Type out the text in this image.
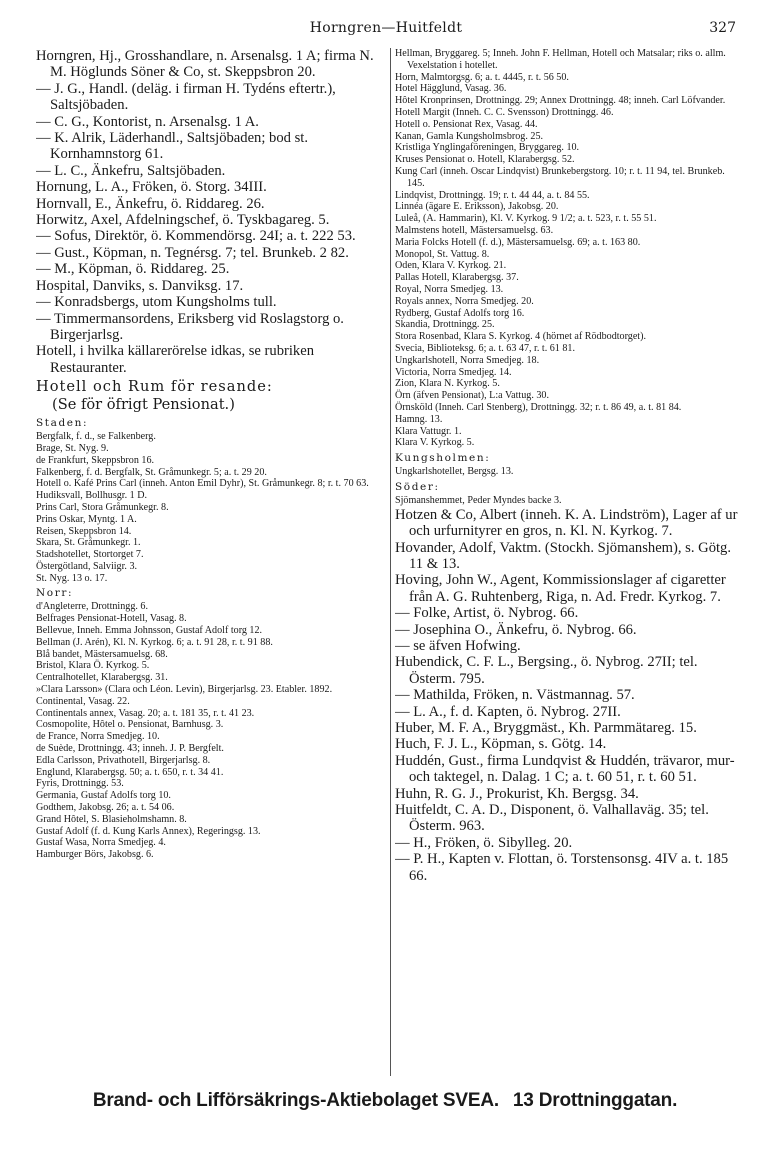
Horngren—Huitfeldt	327

Horngren, Hj., Grosshandlare, n. Arsenalsg. 1 A; firma N. M. Höglunds Söner & Co, st. Skeppsbron 20.

— J. G., Handl. (deläg. i firman H. Tydéns eftertr.), Saltsjöbaden.

— C. G., Kontorist, n. Arsenalsg. 1 A.

— K. Alrik, Läderhandl., Saltsjöbaden; bod st. Kornhamnstorg 61.

— L. C., Änkefru, Saltsjöbaden.

Hornung, L. A., Fröken, ö. Storg. 34III.

Hornvall, E., Änkefru, ö. Riddareg. 26.

Horwitz, Axel, Afdelningschef, ö. Tyskbagareg. 5.

— Sofus, Direktör, ö. Kommendörsg. 24I; a. t. 222 53.

— Gust., Köpman, n. Tegnérsg. 7; tel. Brunkeb. 2 82.

— M., Köpman, ö. Riddareg. 25.

Hospital, Danviks, s. Danviksg. 17.

— Konradsbergs, utom Kungsholms tull.

— Timmermansordens, Eriksberg vid Roslagstorg o. Birgerjarlsg.

Hotell, i hvilka källarerörelse idkas, se rubriken Restauranter.

Hotell och Rum för resande:

(Se för öfrigt Pensionat.)

Staden:

Bergfalk, f. d., se Falkenberg.

Brage, St. Nyg. 9.

de Frankfurt, Skeppsbron 16.

Falkenberg, f. d. Bergfalk, St. Gråmunkegr. 5; a. t. 29 20.

Hotell o. Kafé Prins Carl (inneh. Anton Emil Dyhr), St. Gråmunkegr. 8; r. t. 70 63.

Hudiksvall, Bollhusgr. 1 D.

Prins Carl, Stora Gråmunkegr. 8.

Prins Oskar, Myntg. 1 A.

Reisen, Skeppsbron 14.

Skara, St. Gråmunkegr. 1.

Stadshotellet, Stortorget 7.

Östergötland, Salviigr. 3.

St. Nyg. 13 o. 17.

Norr:

d'Angleterre, Drottningg. 6.

Belfrages Pensionat-Hotell, Vasag. 8.

Bellevue, Inneh. Emma Johnsson, Gustaf Adolf torg 12.

Bellman (J. Arén), Kl. N. Kyrkog. 6; a. t. 91 28, r. t. 91 88.

Blå bandet, Mästersamuelsg. 68.

Bristol, Klara Ö. Kyrkog. 5.

Centralhotellet, Klarabergsg. 31.

»Clara Larsson» (Clara och Léon. Levin), Birgerjarlsg. 23. Etabler. 1892.

Continental, Vasag. 22.

Continentals annex, Vasag. 20; a. t. 181 35, r. t. 41 23.

Cosmopolite, Hôtel o. Pensionat, Barnhusg. 3.

de France, Norra Smedjeg. 10.

de Suède, Drottningg. 43; inneh. J. P. Bergfelt.

Edla Carlsson, Privathotell, Birgerjarlsg. 8.

Englund, Klarabergsg. 50; a. t. 650, r. t. 34 41.

Fyris, Drottningg. 53.

Germania, Gustaf Adolfs torg 10.

Godthem, Jakobsg. 26; a. t. 54 06.

Grand Hôtel, S. Blasieholmshamn. 8.

Gustaf Adolf (f. d. Kung Karls Annex), Regeringsg. 13.

Gustaf Wasa, Norra Smedjeg. 4.

Hamburger Börs, Jakobsg. 6.

Hellman, Bryggareg. 5; Inneh. John F. Hellman, Hotell och Matsalar; riks o. allm. Vexelstation i hotellet.

Horn, Malmtorgsg. 6; a. t. 4445, r. t. 56 50.

Hotel Hägglund, Vasag. 36.

Hôtel Kronprinsen, Drottningg. 29; Annex Drottningg. 48; inneh. Carl Löfvander.

Hotell Margit (Inneh. C. C. Svensson) Drottningg. 46.

Hotell o. Pensionat Rex, Vasag. 44.

Kanan, Gamla Kungsholmsbrog. 25.

Kristliga Ynglingaföreningen, Bryggareg. 10.

Kruses Pensionat o. Hotell, Klarabergsg. 52.

Kung Carl (inneh. Oscar Lindqvist) Brunkebergstorg. 10; r. t. 11 94, tel. Brunkeb. 145.

Lindqvist, Drottningg. 19; r. t. 44 44, a. t. 84 55.

Linnéa (ägare E. Eriksson), Jakobsg. 20.

Luleå, (A. Hammarin), Kl. V. Kyrkog. 9 1/2; a. t. 523, r. t. 55 51.

Malmstens hotell, Mästersamuelsg. 63.

Maria Folcks Hotell (f. d.), Mästersamuelsg. 69; a. t. 163 80.

Monopol, St. Vattug. 8.

Oden, Klara V. Kyrkog. 21.

Pallas Hotell, Klarabergsg. 37.

Royal, Norra Smedjeg. 13.

Royals annex, Norra Smedjeg. 20.

Rydberg, Gustaf Adolfs torg 16.

Skandia, Drottningg. 25.

Stora Rosenbad, Klara S. Kyrkog. 4 (hörnet af Rödbodtorget).

Svecia, Biblioteksg. 6; a. t. 63 47, r. t. 61 81.

Ungkarlshotell, Norra Smedjeg. 18.

Victoria, Norra Smedjeg. 14.

Zion, Klara N. Kyrkog. 5.

Örn (äfven Pensionat), L:a Vattug. 30.

Örnsköld (Inneh. Carl Stenberg), Drottningg. 32; r. t. 86 49, a. t. 81 84.

Hamng. 13.

Klara Vattugr. 1.

Klara V. Kyrkog. 5.

Kungsholmen:

Ungkarlshotellet, Bergsg. 13.

Söder:

Sjömanshemmet, Peder Myndes backe 3.

Hotzen & Co, Albert (inneh. K. A. Lindström), Lager af ur och urfurnityrer en gros, n. Kl. N. Kyrkog. 7.

Hovander, Adolf, Vaktm. (Stockh. Sjömanshem), s. Götg. 11 & 13.

Hoving, John W., Agent, Kommissionslager af cigaretter från A. G. Ruhtenberg, Riga, n. Ad. Fredr. Kyrkog. 7.

— Folke, Artist, ö. Nybrog. 66.

— Josephina O., Änkefru, ö. Nybrog. 66.

— se äfven Hofwing.

Hubendick, C. F. L., Bergsing., ö. Nybrog. 27II; tel. Österm. 795.

— Mathilda, Fröken, n. Västmannag. 57.

— L. A., f. d. Kapten, ö. Nybrog. 27II.

Huber, M. F. A., Bryggmäst., Kh. Parmmätareg. 15.

Huch, F. J. L., Köpman, s. Götg. 14.

Huddén, Gust., firma Lundqvist & Huddén, trävaror, mur- och taktegel, n. Dalag. 1 C; a. t. 60 51, r. t. 60 51.

Huhn, R. G. J., Prokurist, Kh. Bergsg. 34.

Huitfeldt, C. A. D., Disponent, ö. Valhallaväg. 35; tel. Österm. 963.

— H., Fröken, ö. Sibylleg. 20.

— P. H., Kapten v. Flottan, ö. Torstensonsg. 4IV a. t. 185 66.

Brand- och Lifförsäkrings-Aktiebolaget SVEA. 13 Drottninggatan.
